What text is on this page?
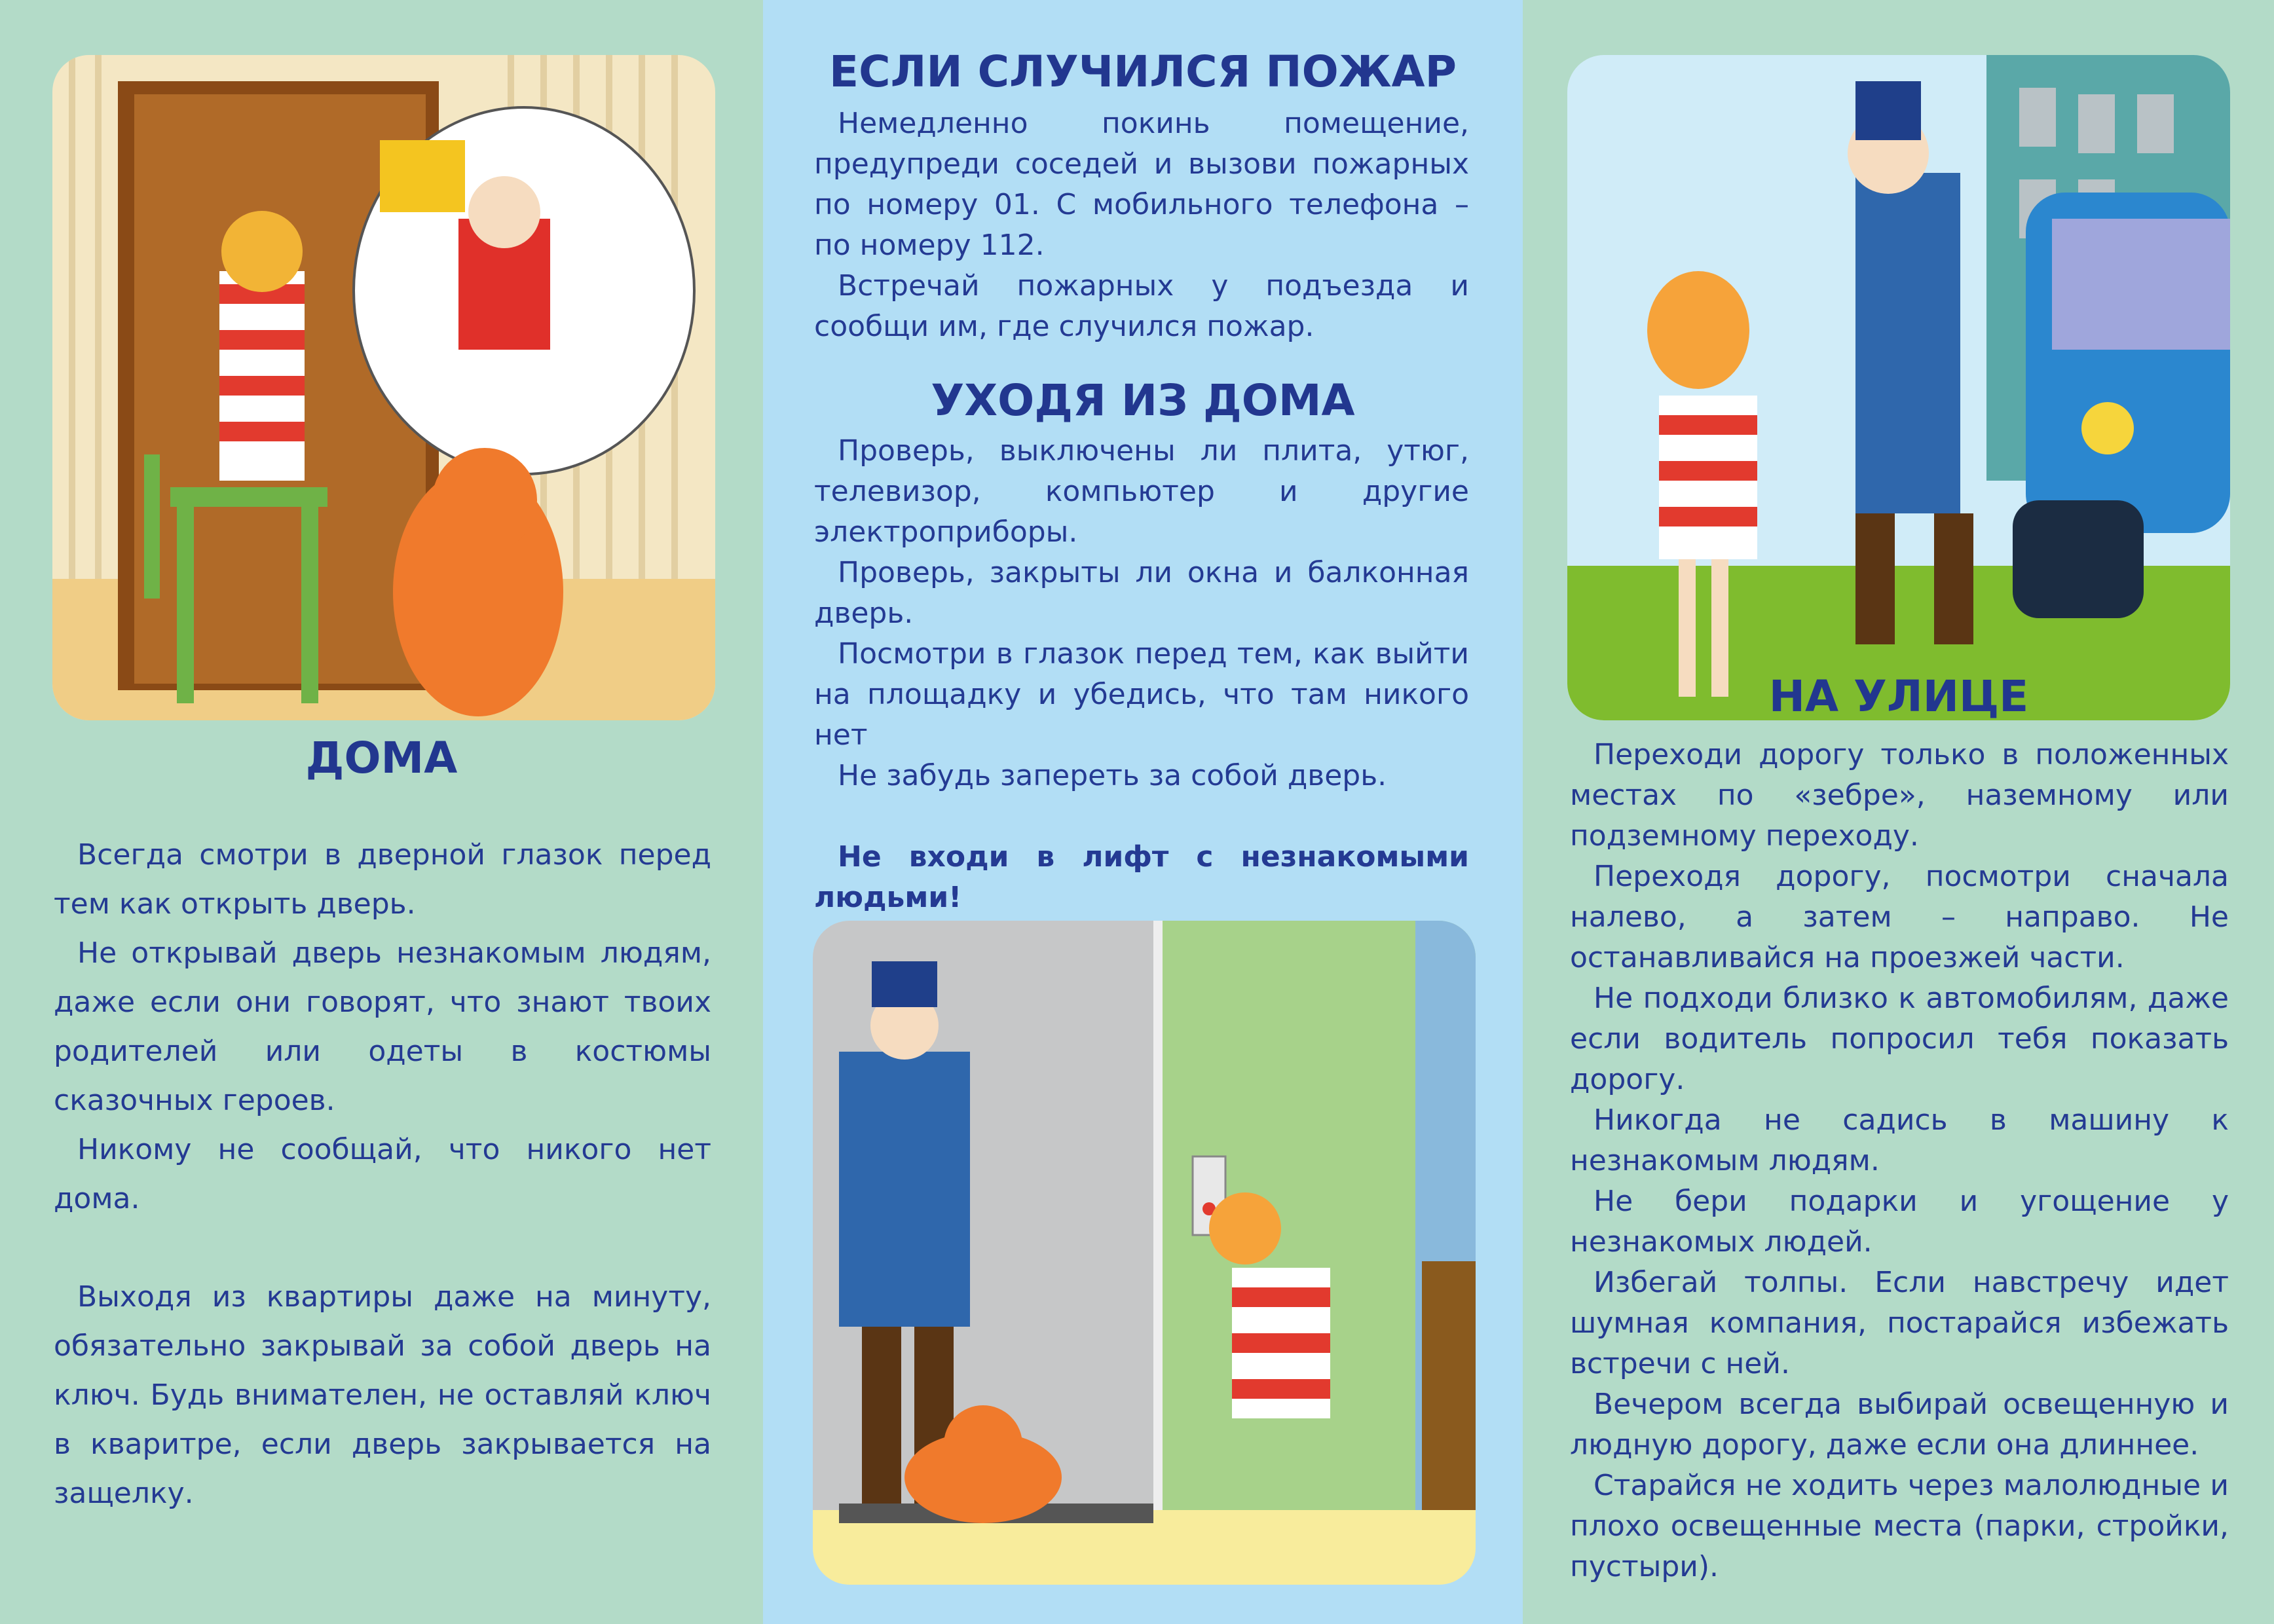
ДОМА

Всегда смотри в дверной глазок перед тем как открыть дверь.

Не открывай дверь незнакомым людям, даже если они говорят, что знают твоих родителей или одеты в костюмы сказочных героев.

Никому не сообщай, что никого нет дома.

Выходя из квартиры даже на минуту, обязательно закрывай за собой дверь на ключ. Будь внимателен, не оставляй ключ в кваритре, если дверь закрывается на защелку.

ЕСЛИ СЛУЧИЛСЯ ПОЖАР

Немедленно покинь помещение, предупреди соседей и вызови пожарных по номеру 01. С мобильного телефона – по номеру 112.

Встречай пожарных у подъезда и сообщи им, где случился пожар.

УХОДЯ ИЗ ДОМА

Проверь, выключены ли плита, утюг, телевизор, компьютер и другие электроприборы.

Проверь, закрыты ли окна и балконная дверь.

Посмотри в глазок перед тем, как выйти на площадку и убедись, что там никого нет

Не забудь запереть за собой дверь.

Не входи в лифт с незнакомыми людьми!

НА УЛИЦЕ

Переходи дорогу только в положенных местах по «зебре», наземному или подземному переходу.

Переходя дорогу, посмотри сначала налево, а затем – направо. Не останавливайся на проезжей части.

Не подходи близко к автомобилям, даже если водитель попросил тебя показать дорогу.

Никогда не садись в машину к незнакомым людям.

Не бери подарки и угощение у незнакомых людей.

Избегай толпы. Если навстречу идет шумная компания, постарайся избежать встречи с ней.

Вечером всегда выбирай освещенную и людную дорогу, даже если она длиннее.

Старайся не ходить через малолюдные и плохо освещенные места (парки, стройки, пустыри).
